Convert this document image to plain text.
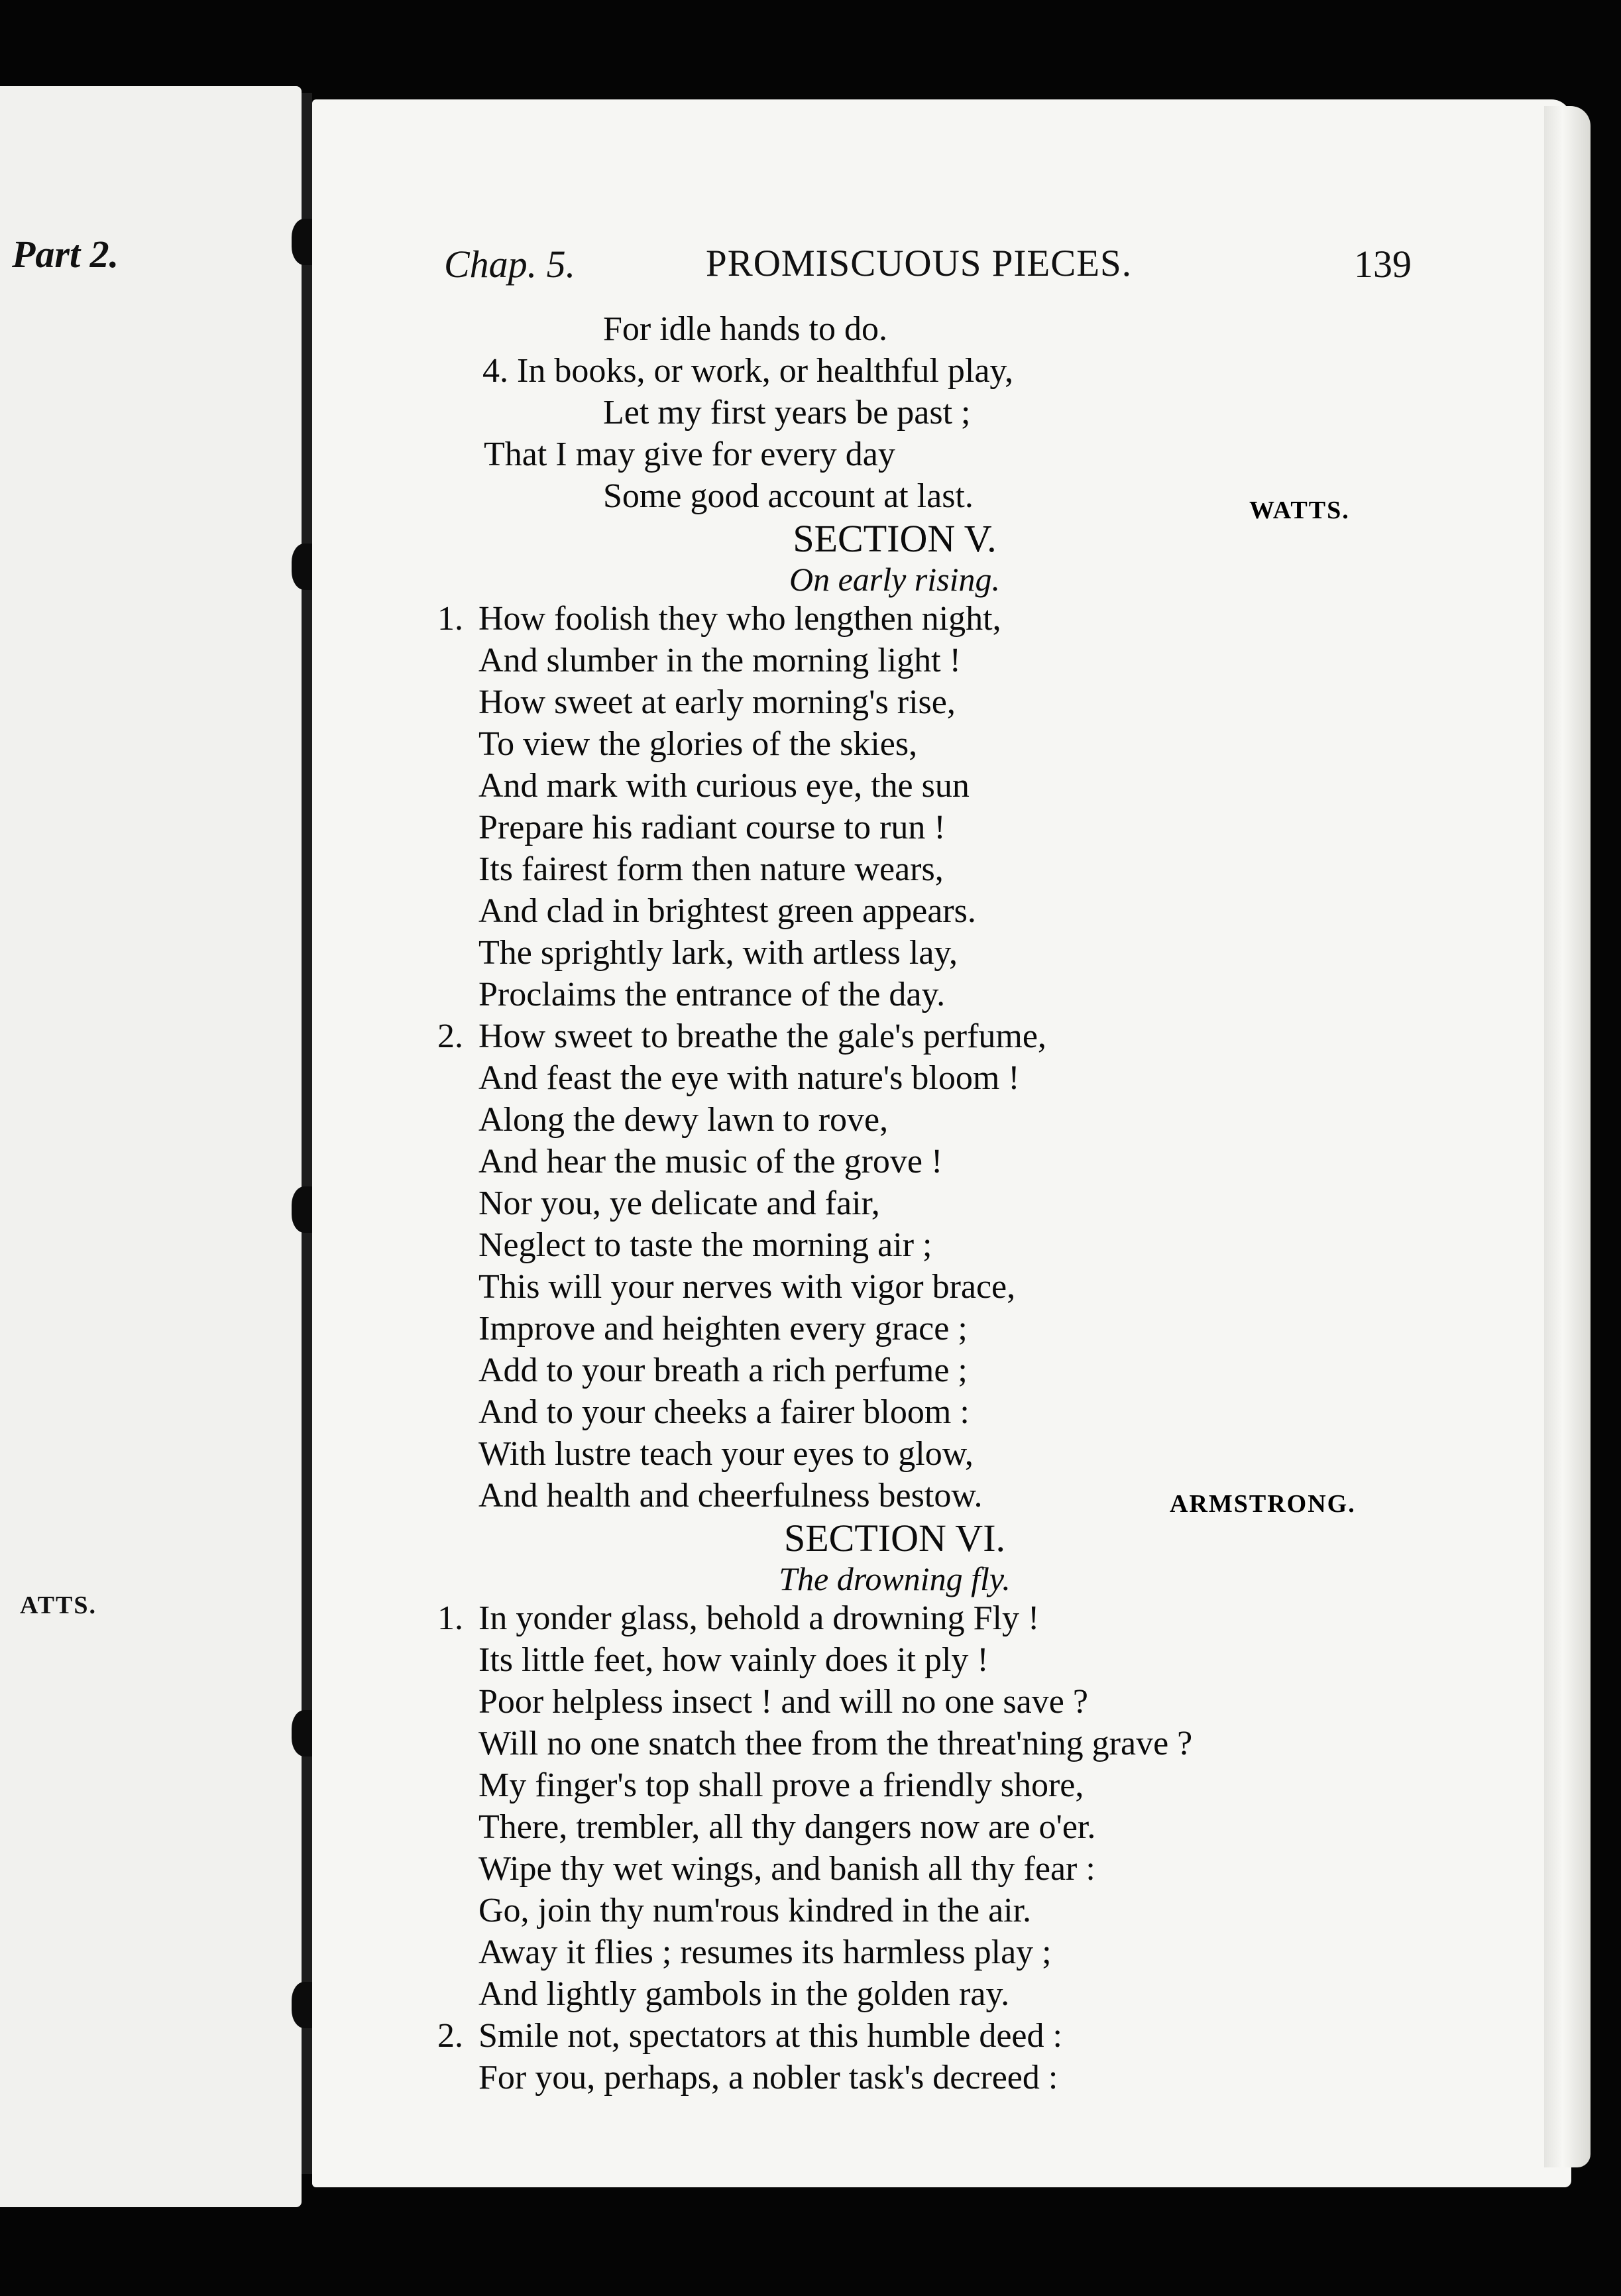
Part 2.
ATTS.
Chap. 5.	PROMISCUOUS PIECES.	139
For idle hands to do.
4. In books, or work, or healthful play,
Let my first years be past ;
That I may give for every day
Some good account at last.
SECTION V.
On early rising.
1. How foolish they who lengthen night,
And slumber in the morning light !
How sweet at early morning's rise,
To view the glories of the skies,
And mark with curious eye, the sun
Prepare his radiant course to run !
Its fairest form then nature wears,
And clad in brightest green appears.
The sprightly lark, with artless lay,
Proclaims the entrance of the day.
2. How sweet to breathe the gale's perfume,
And feast the eye with nature's bloom !
Along the dewy lawn to rove,
And hear the music of the grove !
Nor you, ye delicate and fair,
Neglect to taste the morning air ;
This will your nerves with vigor brace,
Improve and heighten every grace ;
Add to your breath a rich perfume ;
And to your cheeks a fairer bloom :
With lustre teach your eyes to glow,
And health and cheerfulness bestow.
SECTION VI.
The drowning fly.
1. In yonder glass, behold a drowning Fly !
Its little feet, how vainly does it ply !
Poor helpless insect ! and will no one save ?
Will no one snatch thee from the threat'ning grave ?
My finger's top shall prove a friendly shore,
There, trembler, all thy dangers now are o'er.
Wipe thy wet wings, and banish all thy fear :
Go, join thy num'rous kindred in the air.
Away it flies ; resumes its harmless play ;
And lightly gambols in the golden ray.
2. Smile not, spectators at this humble deed :
For you, perhaps, a nobler task's decreed :
WATTS.
ARMSTRONG.
